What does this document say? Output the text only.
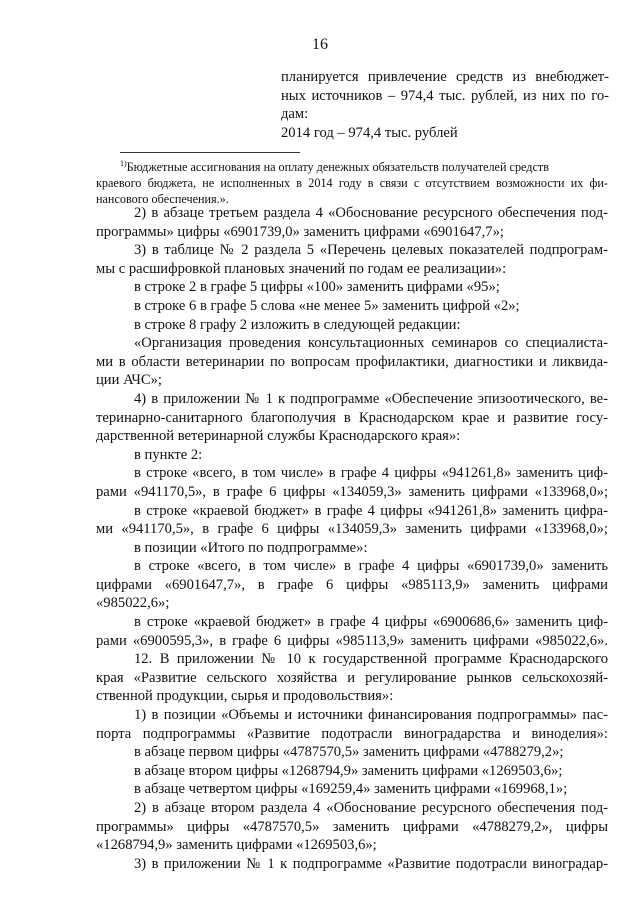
16
планируется привлечение средств из внебюджет-
ных источников – 974,4 тыс. рублей, из них по го-
дам:
2014 год – 974,4 тыс. рублей
$^{1)}$Бюджетные ассигнования на оплату денежных обязательств получателей средств
краевого бюджета, не исполненных в 2014 году в связи с отсутствием возможности их фи-
нансового обеспечения.».
2) в абзаце третьем раздела 4 «Обоснование ресурсного обеспечения под-
программы» цифры «6901739,0» заменить цифрами «6901647,7»;
3) в таблице № 2 раздела 5 «Перечень целевых показателей подпрограм-
мы с расшифровкой плановых значений по годам ее реализации»:
в строке 2 в графе 5 цифры «100» заменить цифрами «95»;
в строке 6 в графе 5 слова «не менее 5» заменить цифрой «2»;
в строке 8 графу 2 изложить в следующей редакции:
«Организация проведения консультационных семинаров со специалиста-
ми в области ветеринарии по вопросам профилактики, диагностики и ликвида-
ции АЧС»;
4) в приложении № 1 к подпрограмме «Обеспечение эпизоотического, ве-
теринарно-санитарного благополучия в Краснодарском крае и развитие госу-
дарственной ветеринарной службы Краснодарского края»:
в пункте 2:
в строке «всего, в том числе» в графе 4 цифры «941261,8» заменить циф-
рами «941170,5», в графе 6 цифры «134059,3» заменить цифрами «133968,0»;
в строке «краевой бюджет» в графе 4 цифры «941261,8» заменить цифра-
ми «941170,5», в графе 6 цифры «134059,3» заменить цифрами «133968,0»;
в позиции «Итого по подпрограмме»:
в строке «всего, в том числе» в графе 4 цифры «6901739,0» заменить
цифрами «6901647,7», в графе 6 цифры «985113,9» заменить цифрами
«985022,6»;
в строке «краевой бюджет» в графе 4 цифры «6900686,6» заменить циф-
рами «6900595,3», в графе 6 цифры «985113,9» заменить цифрами «985022,6».
12. В приложении № 10 к государственной программе Краснодарского
края «Развитие сельского хозяйства и регулирование рынков сельскохозяй-
ственной продукции, сырья и продовольствия»:
1) в позиции «Объемы и источники финансирования подпрограммы» пас-
порта подпрограммы «Развитие подотрасли виноградарства и виноделия»:
в абзаце первом цифры «4787570,5» заменить цифрами «4788279,2»;
в абзаце втором цифры «1268794,9» заменить цифрами «1269503,6»;
в абзаце четвертом цифры «169259,4» заменить цифрами «169968,1»;
2) в абзаце втором раздела 4 «Обоснование ресурсного обеспечения под-
программы» цифры «4787570,5» заменить цифрами «4788279,2», цифры
«1268794,9» заменить цифрами «1269503,6»;
3) в приложении № 1 к подпрограмме «Развитие подотрасли виноградар-
